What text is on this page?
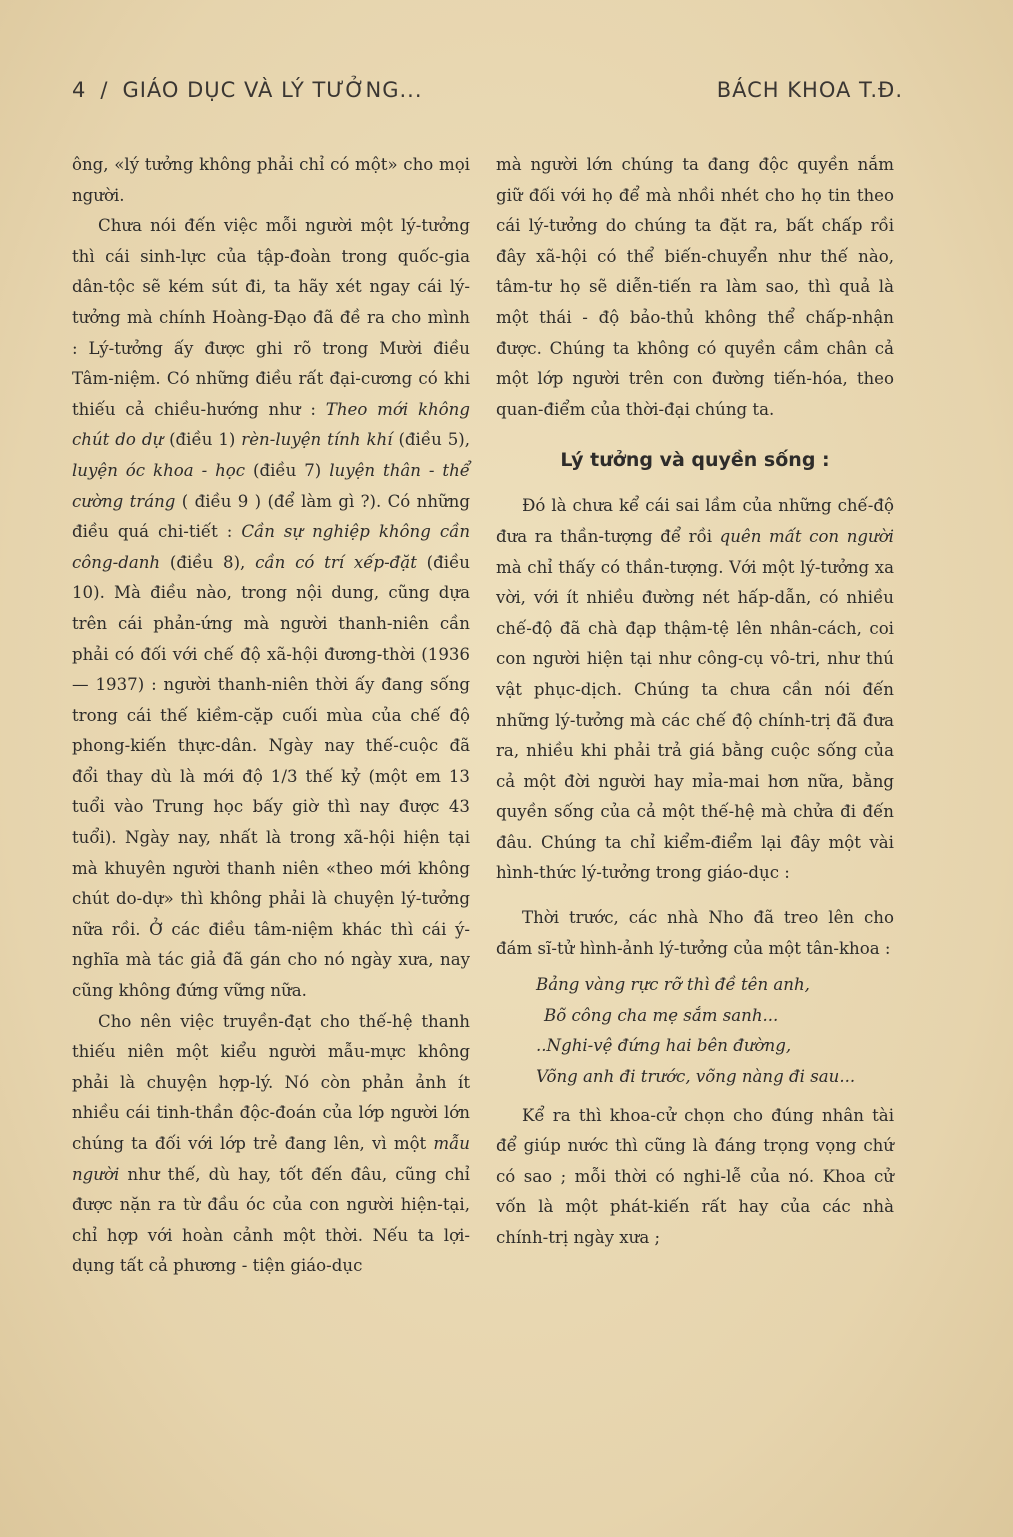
4 / GIÁO DỤC VÀ LÝ TƯỞNG...	BÁCH KHOA T.Đ.

ông, «lý tưởng không phải chỉ có một» cho mọi người.

Chưa nói đến việc mỗi người một lý-tưởng thì cái sinh-lực của tập-đoàn trong quốc-gia dân-tộc sẽ kém sút đi, ta hãy xét ngay cái lý-tưởng mà chính Hoàng-Đạo đã đề ra cho mình : Lý-tưởng ấy được ghi rõ trong Mười điều Tâm-niệm. Có những điều rất đại-cương có khi thiếu cả chiều-hướng như : Theo mới không chút do dự (điều 1) rèn-luyện tính khí (điều 5), luyện óc khoa - học (điều 7) luyện thân - thể cường tráng ( điều 9 ) (để làm gì ?). Có những điều quá chi-tiết : Cần sự nghiệp không cần công-danh (điều 8), cần có trí xếp-đặt (điều 10). Mà điều nào, trong nội dung, cũng dựa trên cái phản-ứng mà người thanh-niên cần phải có đối với chế độ xã-hội đương-thời (1936 — 1937) : người thanh-niên thời ấy đang sống trong cái thế kiềm-cặp cuối mùa của chế độ phong-kiến thực-dân. Ngày nay thế-cuộc đã đổi thay dù là mới độ 1/3 thế kỷ (một em 13 tuổi vào Trung học bấy giờ thì nay được 43 tuổi). Ngày nay, nhất là trong xã-hội hiện tại mà khuyên người thanh niên «theo mới không chút do-dự» thì không phải là chuyện lý-tưởng nữa rồi. Ở các điều tâm-niệm khác thì cái ý-nghĩa mà tác giả đã gán cho nó ngày xưa, nay cũng không đứng vững nữa.

Cho nên việc truyền-đạt cho thế-hệ thanh thiếu niên một kiểu người mẫu-mực không phải là chuyện hợp-lý. Nó còn phản ảnh ít nhiều cái tinh-thần độc-đoán của lớp người lớn chúng ta đối với lớp trẻ đang lên, vì một mẫu người như thế, dù hay, tốt đến đâu, cũng chỉ được nặn ra từ đầu óc của con người hiện-tại, chỉ hợp với hoàn cảnh một thời. Nếu ta lợi-dụng tất cả phương - tiện giáo-dục

mà người lớn chúng ta đang độc quyền nắm giữ đối với họ để mà nhồi nhét cho họ tin theo cái lý-tưởng do chúng ta đặt ra, bất chấp rồi đây xã-hội có thể biến-chuyển như thế nào, tâm-tư họ sẽ diễn-tiến ra làm sao, thì quả là một thái - độ bảo-thủ không thể chấp-nhận được. Chúng ta không có quyền cầm chân cả một lớp người trên con đường tiến-hóa, theo quan-điểm của thời-đại chúng ta.

Lý tưởng và quyền sống :

Đó là chưa kể cái sai lầm của những chế-độ đưa ra thần-tượng để rồi quên mất con người mà chỉ thấy có thần-tượng. Với một lý-tưởng xa vời, với ít nhiều đường nét hấp-dẫn, có nhiều chế-độ đã chà đạp thậm-tệ lên nhân-cách, coi con người hiện tại như công-cụ vô-tri, như thú vật phục-dịch. Chúng ta chưa cần nói đến những lý-tưởng mà các chế độ chính-trị đã đưa ra, nhiều khi phải trả giá bằng cuộc sống của cả một đời người hay mỉa-mai hơn nữa, bằng quyền sống của cả một thế-hệ mà chửa đi đến đâu. Chúng ta chỉ kiểm-điểm lại đây một vài hình-thức lý-tưởng trong giáo-dục :

Thời trước, các nhà Nho đã treo lên cho đám sĩ-tử hình-ảnh lý-tưởng của một tân-khoa :

Bảng vàng rực rỡ thì đề tên anh,
Bõ công cha mẹ sắm sanh...
..Nghi-vệ đứng hai bên đường,
Võng anh đi trước, võng nàng đi sau...

Kể ra thì khoa-cử chọn cho đúng nhân tài để giúp nước thì cũng là đáng trọng vọng chứ có sao ; mỗi thời có nghi-lễ của nó. Khoa cử vốn là một phát-kiến rất hay của các nhà chính-trị ngày xưa ;
